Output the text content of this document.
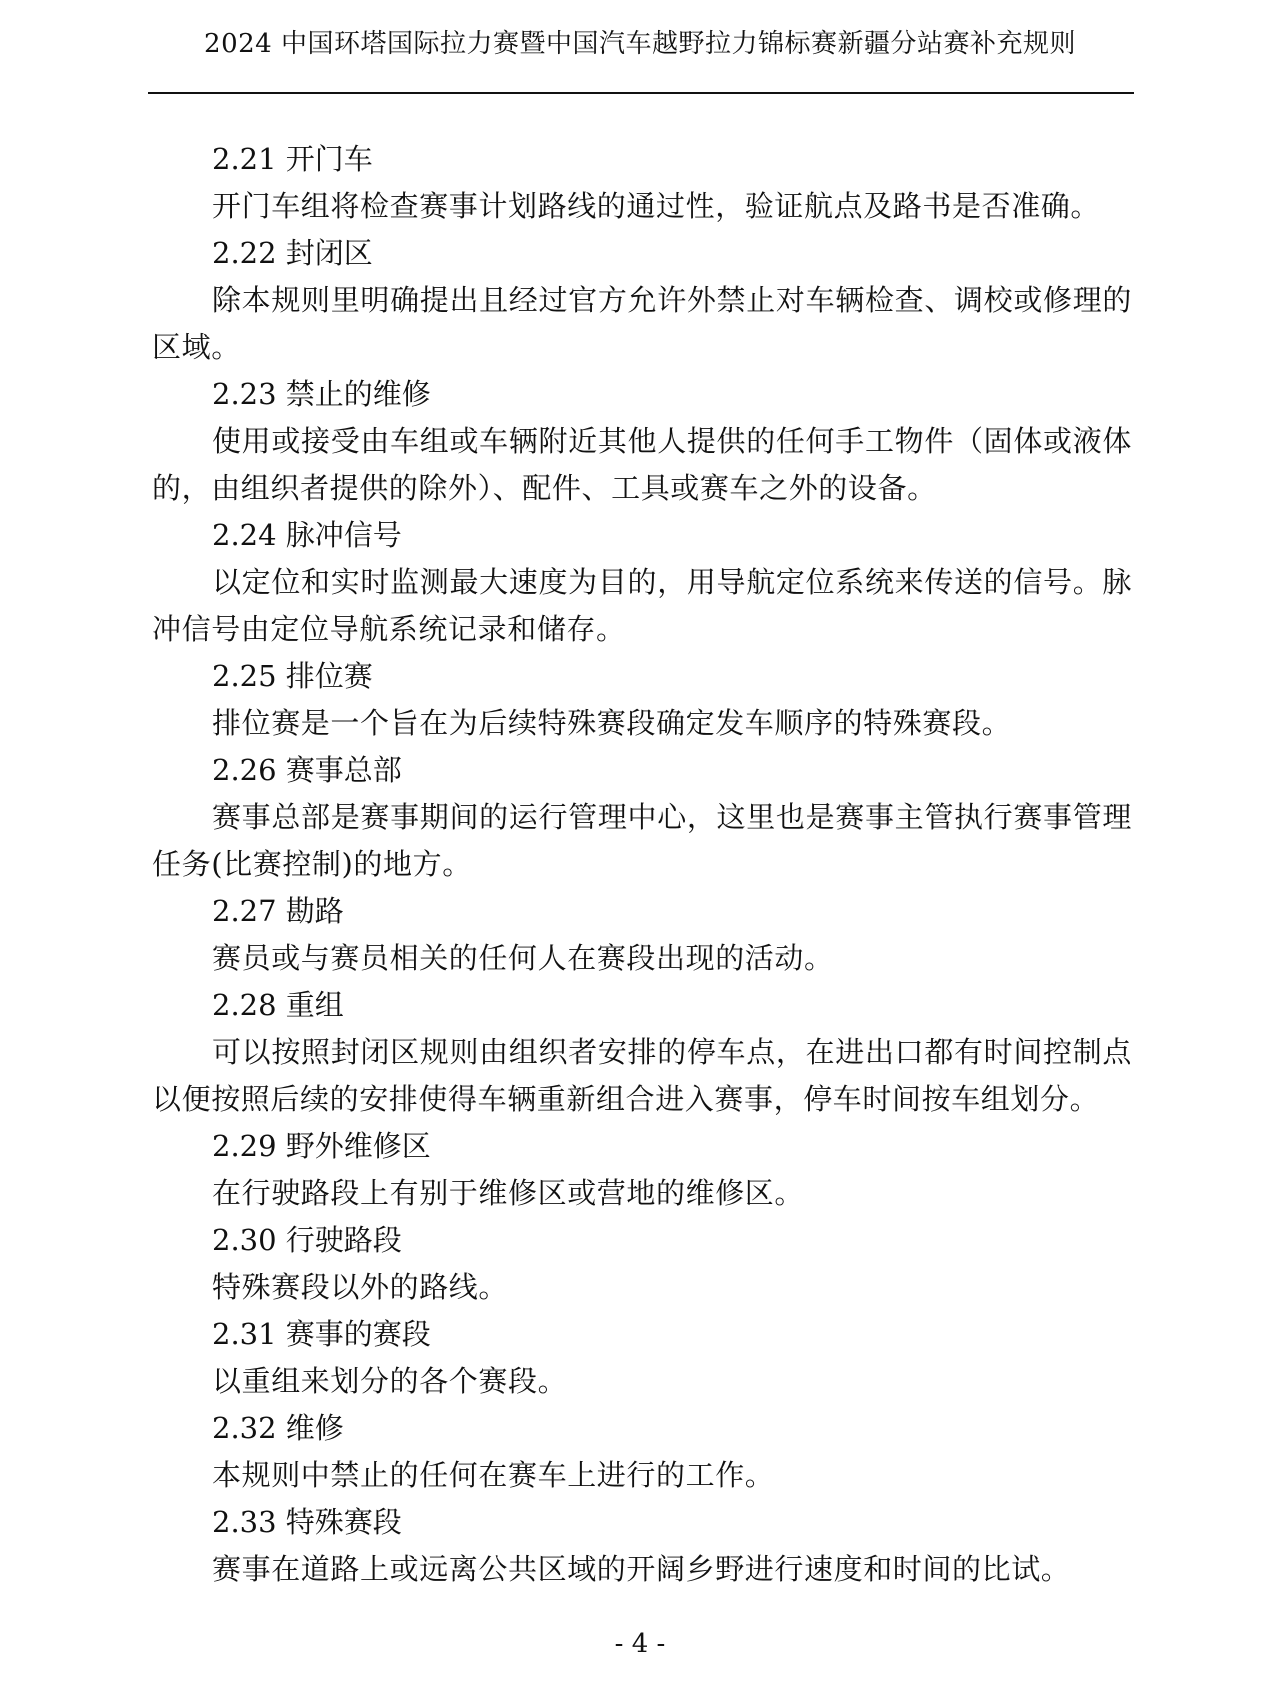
2024 中国环塔国际拉力赛暨中国汽车越野拉力锦标赛新疆分站赛补充规则

2.21 开门车

开门车组将检查赛事计划路线的通过性，验证航点及路书是否准确。

2.22 封闭区

除本规则里明确提出且经过官方允许外禁止对车辆检查、调校或修理的区域。

2.23 禁止的维修

使用或接受由车组或车辆附近其他人提供的任何手工物件（固体或液体的，由组织者提供的除外）、配件、工具或赛车之外的设备。

2.24 脉冲信号

以定位和实时监测最大速度为目的，用导航定位系统来传送的信号。脉冲信号由定位导航系统记录和储存。

2.25 排位赛

排位赛是一个旨在为后续特殊赛段确定发车顺序的特殊赛段。

2.26 赛事总部

赛事总部是赛事期间的运行管理中心，这里也是赛事主管执行赛事管理任务(比赛控制)的地方。

2.27 勘路

赛员或与赛员相关的任何人在赛段出现的活动。

2.28 重组

可以按照封闭区规则由组织者安排的停车点，在进出口都有时间控制点以便按照后续的安排使得车辆重新组合进入赛事，停车时间按车组划分。

2.29 野外维修区

在行驶路段上有别于维修区或营地的维修区。

2.30 行驶路段

特殊赛段以外的路线。

2.31 赛事的赛段

以重组来划分的各个赛段。

2.32 维修

本规则中禁止的任何在赛车上进行的工作。

2.33 特殊赛段

赛事在道路上或远离公共区域的开阔乡野进行速度和时间的比试。

- 4 -
